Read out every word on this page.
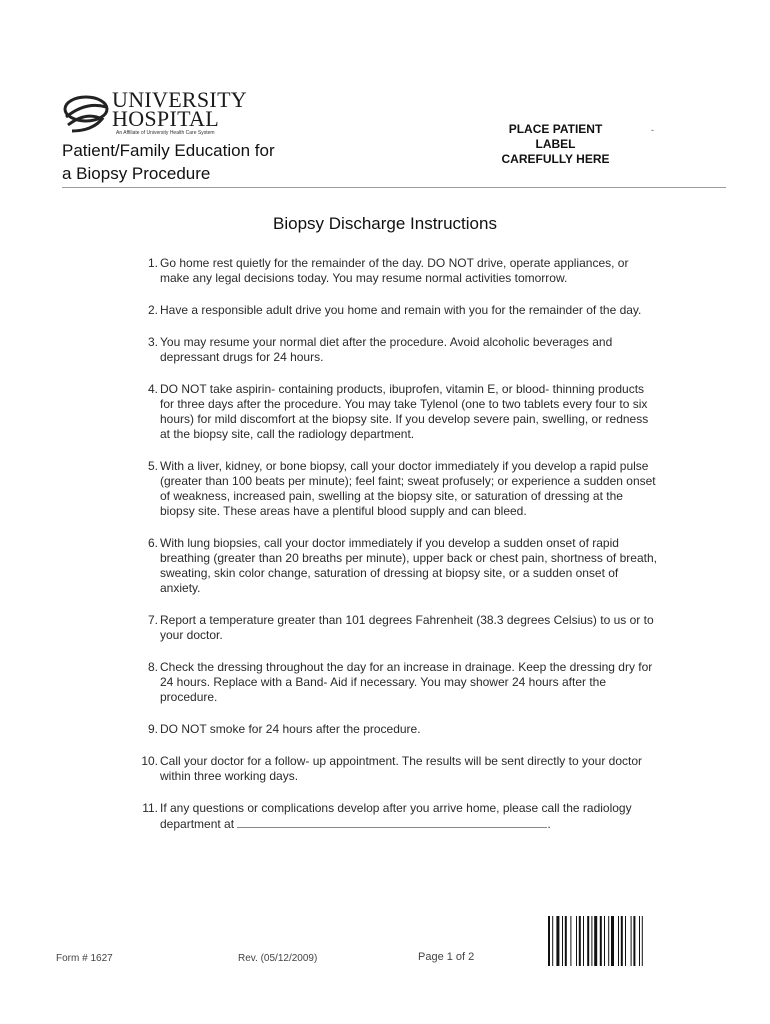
UNIVERSITY
HOSPITAL
An Affiliate of University Health Care System
Patient/Family Education for
a Biopsy Procedure
PLACE PATIENT
LABEL
CAREFULLY HERE
-
Biopsy Discharge Instructions
1. Go home rest quietly for the remainder of the day. DO NOT drive, operate appliances, or make any legal decisions today. You may resume normal activities tomorrow.
2. Have a responsible adult drive you home and remain with you for the remainder of the day.
3. You may resume your normal diet after the procedure. Avoid alcoholic beverages and depressant drugs for 24 hours.
4. DO NOT take aspirin- containing products, ibuprofen, vitamin E, or blood- thinning products for three days after the procedure. You may take Tylenol (one to two tablets every four to six hours) for mild discomfort at the biopsy site. If you develop severe pain, swelling, or redness at the biopsy site, call the radiology department.
5. With a liver, kidney, or bone biopsy, call your doctor immediately if you develop a rapid pulse (greater than 100 beats per minute); feel faint; sweat profusely; or experience a sudden onset of weakness, increased pain, swelling at the biopsy site, or saturation of dressing at the biopsy site. These areas have a plentiful blood supply and can bleed.
6. With lung biopsies, call your doctor immediately if you develop a sudden onset of rapid breathing (greater than 20 breaths per minute), upper back or chest pain, shortness of breath, sweating, skin color change, saturation of dressing at biopsy site, or a sudden onset of anxiety.
7. Report a temperature greater than 101 degrees Fahrenheit (38.3 degrees Celsius) to us or to your doctor.
8. Check the dressing throughout the day for an increase in drainage. Keep the dressing dry for 24 hours. Replace with a Band- Aid if necessary. You may shower 24 hours after the procedure.
9. DO NOT smoke for 24 hours after the procedure.
10. Call your doctor for a follow- up appointment. The results will be sent directly to your doctor within three working days.
11. If any questions or complications develop after you arrive home, please call the radiology department at	.
Form # 1627	Rev. (05/12/2009)	Page 1 of 2
